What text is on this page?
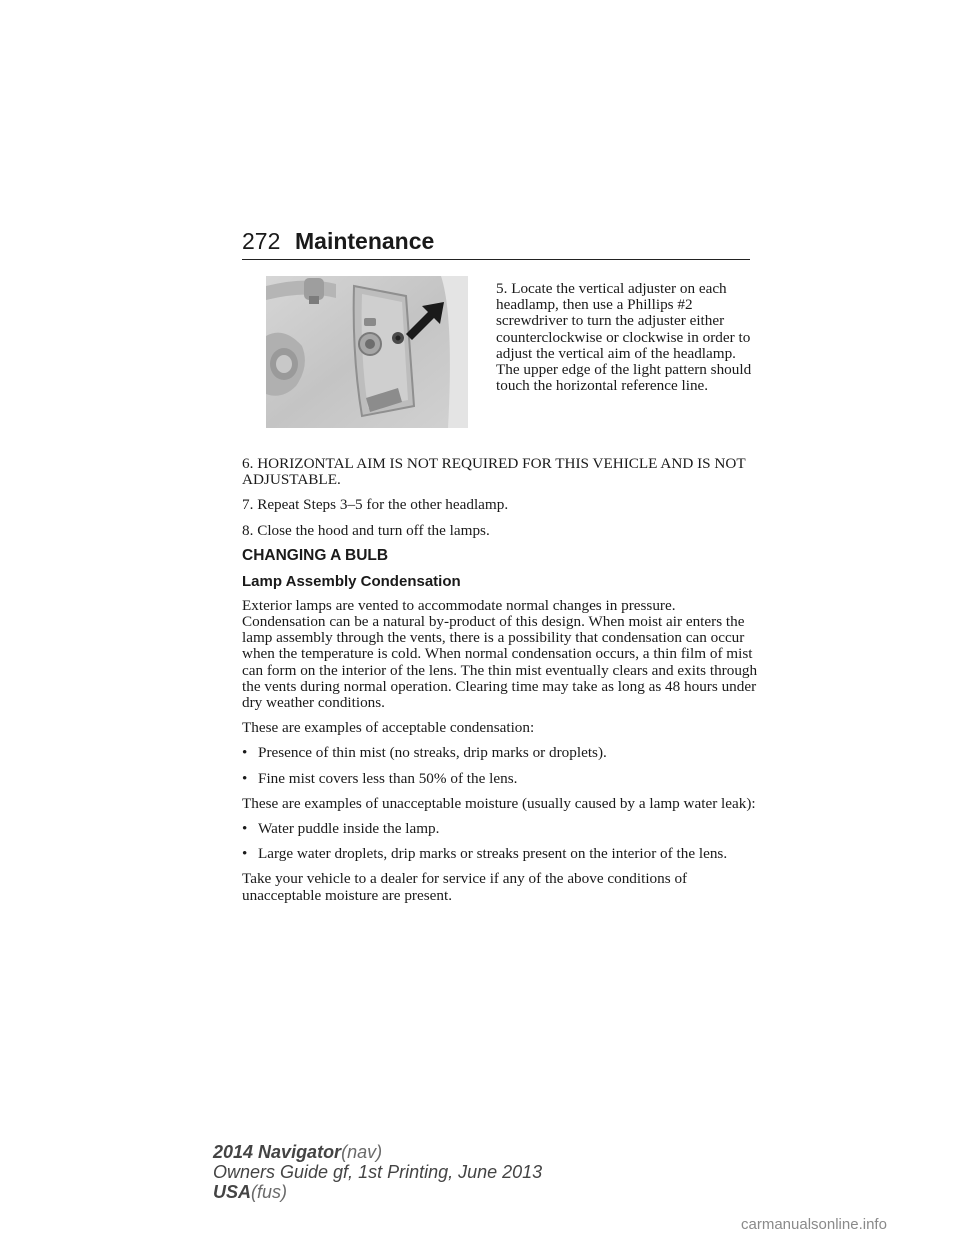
272 Maintenance
5. Locate the vertical adjuster on each headlamp, then use a Phillips #2 screwdriver to turn the adjuster either counterclockwise or clockwise in order to adjust the vertical aim of the headlamp. The upper edge of the light pattern should touch the horizontal reference line.

6. HORIZONTAL AIM IS NOT REQUIRED FOR THIS VEHICLE AND IS NOT ADJUSTABLE.

7. Repeat Steps 3–5 for the other headlamp.

8. Close the hood and turn off the lamps.

CHANGING A BULB
Lamp Assembly Condensation

Exterior lamps are vented to accommodate normal changes in pressure. Condensation can be a natural by-product of this design. When moist air enters the lamp assembly through the vents, there is a possibility that condensation can occur when the temperature is cold. When normal condensation occurs, a thin film of mist can form on the interior of the lens. The thin mist eventually clears and exits through the vents during normal operation. Clearing time may take as long as 48 hours under dry weather conditions.

These are examples of acceptable condensation:

• Presence of thin mist (no streaks, drip marks or droplets).
• Fine mist covers less than 50% of the lens.

These are examples of unacceptable moisture (usually caused by a lamp water leak):

• Water puddle inside the lamp.
• Large water droplets, drip marks or streaks present on the interior of the lens.

Take your vehicle to a dealer for service if any of the above conditions of unacceptable moisture are present.

2014 Navigator(nav)
Owners Guide gf, 1st Printing, June 2013
USA(fus)
carmanualsonline.info
